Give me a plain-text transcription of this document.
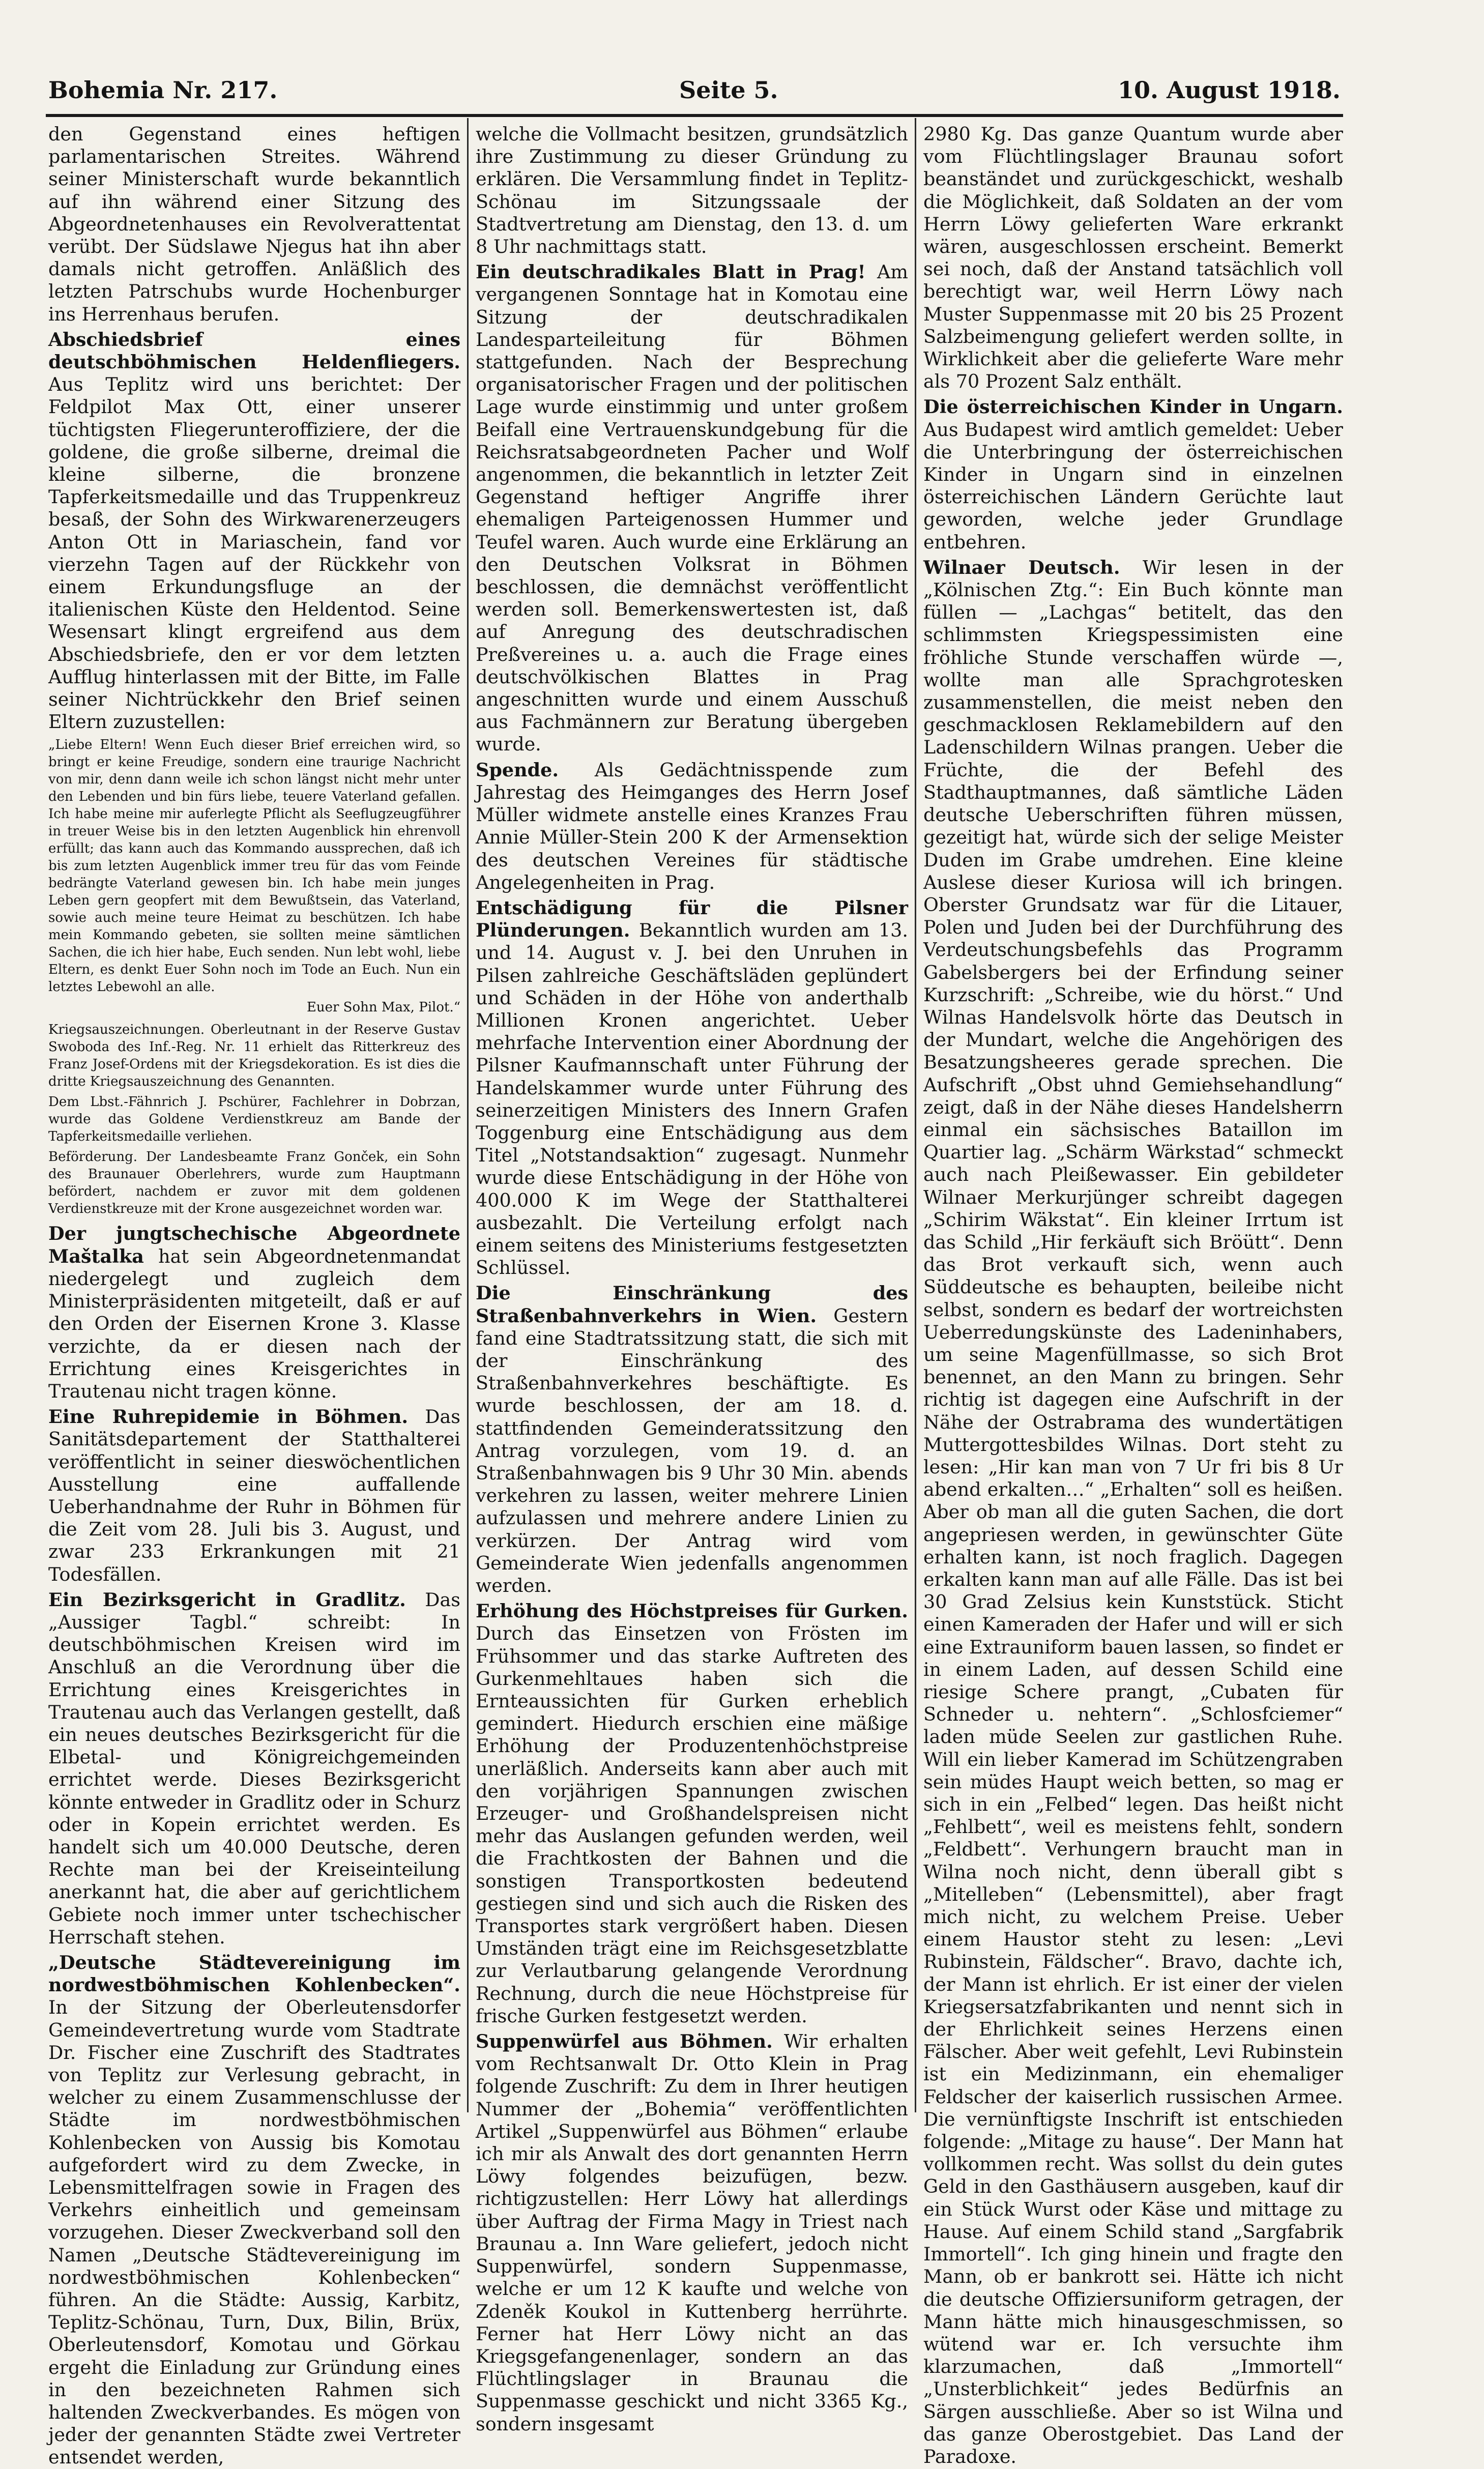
Bohemia Nr. 217.	Seite 5.	10. August 1918.

den Gegenstand eines heftigen parlamentarischen Streites. Während seiner Ministerschaft wurde bekanntlich auf ihn während einer Sitzung des Abgeordnetenhauses ein Revolverattentat verübt. Der Südslawe Njegus hat ihn aber damals nicht getroffen. Anläßlich des letzten Patrschubs wurde Hochenburger ins Herrenhaus berufen.

Abschiedsbrief eines deutschböhmischen Heldenfliegers. Aus Teplitz wird uns berichtet: Der Feldpilot Max Ott, einer unserer tüchtigsten Fliegerunteroffiziere, der die goldene, die große silberne, dreimal die kleine silberne, die bronzene Tapferkeitsmedaille und das Truppenkreuz besaß, der Sohn des Wirkwarenerzeugers Anton Ott in Mariaschein, fand vor vierzehn Tagen auf der Rückkehr von einem Erkundungsfluge an der italienischen Küste den Heldentod. Seine Wesensart klingt ergreifend aus dem Abschiedsbriefe, den er vor dem letzten Aufflug hinterlassen mit der Bitte, im Falle seiner Nichtrückkehr den Brief seinen Eltern zuzustellen:

„Liebe Eltern! Wenn Euch dieser Brief erreichen wird, so bringt er keine Freudige, sondern eine traurige Nachricht von mir, denn dann weile ich schon längst nicht mehr unter den Lebenden und bin fürs liebe, teuere Vaterland gefallen. Ich habe meine mir auferlegte Pflicht als Seeflugzeugführer in treuer Weise bis in den letzten Augenblick hin ehrenvoll erfüllt; das kann auch das Kommando aussprechen, daß ich bis zum letzten Augenblick immer treu für das vom Feinde bedrängte Vaterland gewesen bin. Ich habe mein junges Leben gern geopfert mit dem Bewußtsein, das Vaterland, sowie auch meine teure Heimat zu beschützen. Ich habe mein Kommando gebeten, sie sollten meine sämtlichen Sachen, die ich hier habe, Euch senden. Nun lebt wohl, liebe Eltern, es denkt Euer Sohn noch im Tode an Euch. Nun ein letztes Lebewohl an alle.

Euer Sohn Max, Pilot.“

Kriegsauszeichnungen. Oberleutnant in der Reserve Gustav Swoboda des Inf.-Reg. Nr. 11 erhielt das Ritterkreuz des Franz Josef-Ordens mit der Kriegsdekoration. Es ist dies die dritte Kriegsauszeichnung des Genannten.

Dem Lbst.-Fähnrich J. Pschürer, Fachlehrer in Dobrzan, wurde das Goldene Verdienstkreuz am Bande der Tapferkeitsmedaille verliehen.

Beförderung. Der Landesbeamte Franz Gonček, ein Sohn des Braunauer Oberlehrers, wurde zum Hauptmann befördert, nachdem er zuvor mit dem goldenen Verdienstkreuze mit der Krone ausgezeichnet worden war.

Der jungtschechische Abgeordnete Maštalka hat sein Abgeordnetenmandat niedergelegt und zugleich dem Ministerpräsidenten mitgeteilt, daß er auf den Orden der Eisernen Krone 3. Klasse verzichte, da er diesen nach der Errichtung eines Kreisgerichtes in Trautenau nicht tragen könne.

Eine Ruhrepidemie in Böhmen. Das Sanitätsdepartement der Statthalterei veröffentlicht in seiner dieswöchentlichen Ausstellung eine auffallende Ueberhandnahme der Ruhr in Böhmen für die Zeit vom 28. Juli bis 3. August, und zwar 233 Erkrankungen mit 21 Todesfällen.

Ein Bezirksgericht in Gradlitz. Das „Aussiger Tagbl.“ schreibt: In deutschböhmischen Kreisen wird im Anschluß an die Verordnung über die Errichtung eines Kreisgerichtes in Trautenau auch das Verlangen gestellt, daß ein neues deutsches Bezirksgericht für die Elbetal- und Königreichgemeinden errichtet werde. Dieses Bezirksgericht könnte entweder in Gradlitz oder in Schurz oder in Kopein errichtet werden. Es handelt sich um 40.000 Deutsche, deren Rechte man bei der Kreiseinteilung anerkannt hat, die aber auf gerichtlichem Gebiete noch immer unter tschechischer Herrschaft stehen.

„Deutsche Städtevereinigung im nordwestböhmischen Kohlenbecken“. In der Sitzung der Oberleutensdorfer Gemeindevertretung wurde vom Stadtrate Dr. Fischer eine Zuschrift des Stadtrates von Teplitz zur Verlesung gebracht, in welcher zu einem Zusammenschlusse der Städte im nordwestböhmischen Kohlenbecken von Aussig bis Komotau aufgefordert wird zu dem Zwecke, in Lebensmittelfragen sowie in Fragen des Verkehrs einheitlich und gemeinsam vorzugehen. Dieser Zweckverband soll den Namen „Deutsche Städtevereinigung im nordwestböhmischen Kohlenbecken“ führen. An die Städte: Aussig, Karbitz, Teplitz-Schönau, Turn, Dux, Bilin, Brüx, Oberleutensdorf, Komotau und Görkau ergeht die Einladung zur Gründung eines in den bezeichneten Rahmen sich haltenden Zweckverbandes. Es mögen von jeder der genannten Städte zwei Vertreter entsendet werden,

welche die Vollmacht besitzen, grundsätzlich ihre Zustimmung zu dieser Gründung zu erklären. Die Versammlung findet in Teplitz-Schönau im Sitzungssaale der Stadtvertretung am Dienstag, den 13. d. um 8 Uhr nachmittags statt.

Ein deutschradikales Blatt in Prag! Am vergangenen Sonntage hat in Komotau eine Sitzung der deutschradikalen Landesparteileitung für Böhmen stattgefunden. Nach der Besprechung organisatorischer Fragen und der politischen Lage wurde einstimmig und unter großem Beifall eine Vertrauenskundgebung für die Reichsratsabgeordneten Pacher und Wolf angenommen, die bekanntlich in letzter Zeit Gegenstand heftiger Angriffe ihrer ehemaligen Parteigenossen Hummer und Teufel waren. Auch wurde eine Erklärung an den Deutschen Volksrat in Böhmen beschlossen, die demnächst veröffentlicht werden soll. Bemerkenswertesten ist, daß auf Anregung des deutschradischen Preßvereines u. a. auch die Frage eines deutschvölkischen Blattes in Prag angeschnitten wurde und einem Ausschuß aus Fachmännern zur Beratung übergeben wurde.

Spende. Als Gedächtnisspende zum Jahrestag des Heimganges des Herrn Josef Müller widmete anstelle eines Kranzes Frau Annie Müller-Stein 200 K der Armensektion des deutschen Vereines für städtische Angelegenheiten in Prag.

Entschädigung für die Pilsner Plünderungen. Bekanntlich wurden am 13. und 14. August v. J. bei den Unruhen in Pilsen zahlreiche Geschäftsläden geplündert und Schäden in der Höhe von anderthalb Millionen Kronen angerichtet. Ueber mehrfache Intervention einer Abordnung der Pilsner Kaufmannschaft unter Führung der Handelskammer wurde unter Führung des seinerzeitigen Ministers des Innern Grafen Toggenburg eine Entschädigung aus dem Titel „Notstandsaktion“ zugesagt. Nunmehr wurde diese Entschädigung in der Höhe von 400.000 K im Wege der Statthalterei ausbezahlt. Die Verteilung erfolgt nach einem seitens des Ministeriums festgesetzten Schlüssel.

Die Einschränkung des Straßenbahnverkehrs in Wien. Gestern fand eine Stadtratssitzung statt, die sich mit der Einschränkung des Straßenbahnverkehres beschäftigte. Es wurde beschlossen, der am 18. d. stattfindenden Gemeinderatssitzung den Antrag vorzulegen, vom 19. d. an Straßenbahnwagen bis 9 Uhr 30 Min. abends verkehren zu lassen, weiter mehrere Linien aufzulassen und mehrere andere Linien zu verkürzen. Der Antrag wird vom Gemeinderate Wien jedenfalls angenommen werden.

Erhöhung des Höchstpreises für Gurken. Durch das Einsetzen von Frösten im Frühsommer und das starke Auftreten des Gurkenmehltaues haben sich die Ernteaussichten für Gurken erheblich gemindert. Hiedurch erschien eine mäßige Erhöhung der Produzentenhöchstpreise unerläßlich. Anderseits kann aber auch mit den vorjährigen Spannungen zwischen Erzeuger- und Großhandelspreisen nicht mehr das Auslangen gefunden werden, weil die Frachtkosten der Bahnen und die sonstigen Transportkosten bedeutend gestiegen sind und sich auch die Risken des Transportes stark vergrößert haben. Diesen Umständen trägt eine im Reichsgesetzblatte zur Verlautbarung gelangende Verordnung Rechnung, durch die neue Höchstpreise für frische Gurken festgesetzt werden.

Suppenwürfel aus Böhmen. Wir erhalten vom Rechtsanwalt Dr. Otto Klein in Prag folgende Zuschrift: Zu dem in Ihrer heutigen Nummer der „Bohemia“ veröffentlichten Artikel „Suppenwürfel aus Böhmen“ erlaube ich mir als Anwalt des dort genannten Herrn Löwy folgendes beizufügen, bezw. richtigzustellen: Herr Löwy hat allerdings über Auftrag der Firma Magy in Triest nach Braunau a. Inn Ware geliefert, jedoch nicht Suppenwürfel, sondern Suppenmasse, welche er um 12 K kaufte und welche von Zdeněk Koukol in Kuttenberg herrührte. Ferner hat Herr Löwy nicht an das Kriegsgefangenenlager, sondern an das Flüchtlingslager in Braunau die Suppenmasse geschickt und nicht 3365 Kg., sondern insgesamt

2980 Kg. Das ganze Quantum wurde aber vom Flüchtlingslager Braunau sofort beanständet und zurückgeschickt, weshalb die Möglichkeit, daß Soldaten an der vom Herrn Löwy gelieferten Ware erkrankt wären, ausgeschlossen erscheint. Bemerkt sei noch, daß der Anstand tatsächlich voll berechtigt war, weil Herrn Löwy nach Muster Suppenmasse mit 20 bis 25 Prozent Salzbeimengung geliefert werden sollte, in Wirklichkeit aber die gelieferte Ware mehr als 70 Prozent Salz enthält.

Die österreichischen Kinder in Ungarn. Aus Budapest wird amtlich gemeldet: Ueber die Unterbringung der österreichischen Kinder in Ungarn sind in einzelnen österreichischen Ländern Gerüchte laut geworden, welche jeder Grundlage entbehren.

Wilnaer Deutsch. Wir lesen in der „Kölnischen Ztg.“: Ein Buch könnte man füllen — „Lachgas“ betitelt, das den schlimmsten Kriegspessimisten eine fröhliche Stunde verschaffen würde —, wollte man alle Sprachgrotesken zusammenstellen, die meist neben den geschmacklosen Reklamebildern auf den Ladenschildern Wilnas prangen. Ueber die Früchte, die der Befehl des Stadthauptmannes, daß sämtliche Läden deutsche Ueberschriften führen müssen, gezeitigt hat, würde sich der selige Meister Duden im Grabe umdrehen. Eine kleine Auslese dieser Kuriosa will ich bringen. Oberster Grundsatz war für die Litauer, Polen und Juden bei der Durchführung des Verdeutschungsbefehls das Programm Gabelsbergers bei der Erfindung seiner Kurzschrift: „Schreibe, wie du hörst.“ Und Wilnas Handelsvolk hörte das Deutsch in der Mundart, welche die Angehörigen des Besatzungsheeres gerade sprechen. Die Aufschrift „Obst uhnd Gemiehsehandlung“ zeigt, daß in der Nähe dieses Handelsherrn einmal ein sächsisches Bataillon im Quartier lag. „Schärm Wärkstad“ schmeckt auch nach Pleißewasser. Ein gebildeter Wilnaer Merkurjünger schreibt dagegen „Schirim Wäkstat“. Ein kleiner Irrtum ist das Schild „Hir ferkäuft sich Bröütt“. Denn das Brot verkauft sich, wenn auch Süddeutsche es behaupten, beileibe nicht selbst, sondern es bedarf der wortreichsten Ueberredungskünste des Ladeninhabers, um seine Magenfüllmasse, so sich Brot benennet, an den Mann zu bringen. Sehr richtig ist dagegen eine Aufschrift in der Nähe der Ostrabrama des wundertätigen Muttergottesbildes Wilnas. Dort steht zu lesen: „Hir kan man von 7 Ur fri bis 8 Ur abend erkalten…“ „Erhalten“ soll es heißen. Aber ob man all die guten Sachen, die dort angepriesen werden, in gewünschter Güte erhalten kann, ist noch fraglich. Dagegen erkalten kann man auf alle Fälle. Das ist bei 30 Grad Zelsius kein Kunststück. Sticht einen Kameraden der Hafer und will er sich eine Extrauniform bauen lassen, so findet er in einem Laden, auf dessen Schild eine riesige Schere prangt, „Cubaten für Schneder u. nehtern“. „Schlosfciemer“ laden müde Seelen zur gastlichen Ruhe. Will ein lieber Kamerad im Schützengraben sein müdes Haupt weich betten, so mag er sich in ein „Felbed“ legen. Das heißt nicht „Fehlbett“, weil es meistens fehlt, sondern „Feldbett“. Verhungern braucht man in Wilna noch nicht, denn überall gibt s „Mitelleben“ (Lebensmittel), aber fragt mich nicht, zu welchem Preise. Ueber einem Haustor steht zu lesen: „Levi Rubinstein, Fäldscher“. Bravo, dachte ich, der Mann ist ehrlich. Er ist einer der vielen Kriegsersatzfabrikanten und nennt sich in der Ehrlichkeit seines Herzens einen Fälscher. Aber weit gefehlt, Levi Rubinstein ist ein Medizinmann, ein ehemaliger Feldscher der kaiserlich russischen Armee. Die vernünftigste Inschrift ist entschieden folgende: „Mitage zu hause“. Der Mann hat vollkommen recht. Was sollst du dein gutes Geld in den Gasthäusern ausgeben, kauf dir ein Stück Wurst oder Käse und mittage zu Hause. Auf einem Schild stand „Sargfabrik Immortell“. Ich ging hinein und fragte den Mann, ob er bankrott sei. Hätte ich nicht die deutsche Offiziersuniform getragen, der Mann hätte mich hinausgeschmissen, so wütend war er. Ich versuchte ihm klarzumachen, daß „Immortell“ „Unsterblichkeit“ jedes Bedürfnis an Särgen ausschließe. Aber so ist Wilna und das ganze Oberostgebiet. Das Land der Paradoxe.
